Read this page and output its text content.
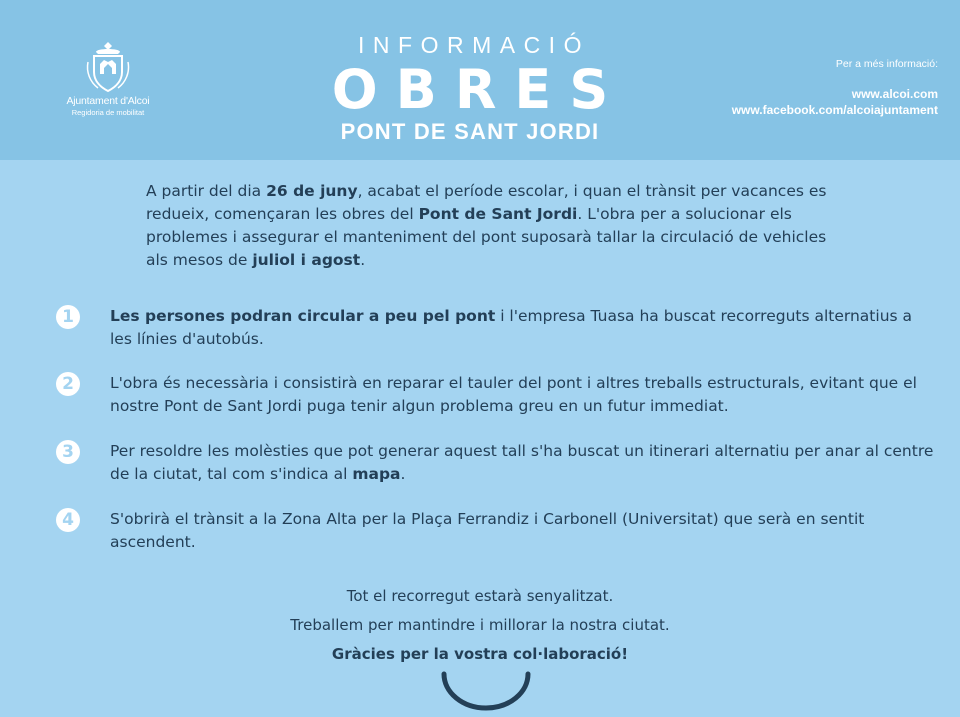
Ajuntament d'Alcoi
Regidoria de mobilitat
INFORMACIÓ
OBRES
PONT DE SANT JORDI
Per a més informació:
www.alcoi.com
www.facebook.com/alcoiajuntament
A partir del dia 26 de juny, acabat el període escolar, i quan el trànsit per vacances es redueix, començaran les obres del Pont de Sant Jordi. L'obra per a solucionar els problemes i assegurar el manteniment del pont suposarà tallar la circulació de vehicles als mesos de juliol i agost.
1	Les persones podran circular a peu pel pont i l'empresa Tuasa ha buscat recorreguts alternatius a les línies d'autobús.
2	L'obra és necessària i consistirà en reparar el tauler del pont i altres treballs estructurals, evitant que el nostre Pont de Sant Jordi puga tenir algun problema greu en un futur immediat.
3	Per resoldre les molèsties que pot generar aquest tall s'ha buscat un itinerari alternatiu per anar al centre de la ciutat, tal com s'indica al mapa.
4	S'obrirà el trànsit a la Zona Alta per la Plaça Ferrandiz i Carbonell (Universitat) que serà en sentit ascendent.
Tot el recorregut estarà senyalitzat.
Treballem per mantindre i millorar la nostra ciutat.
Gràcies per la vostra col·laboració!
